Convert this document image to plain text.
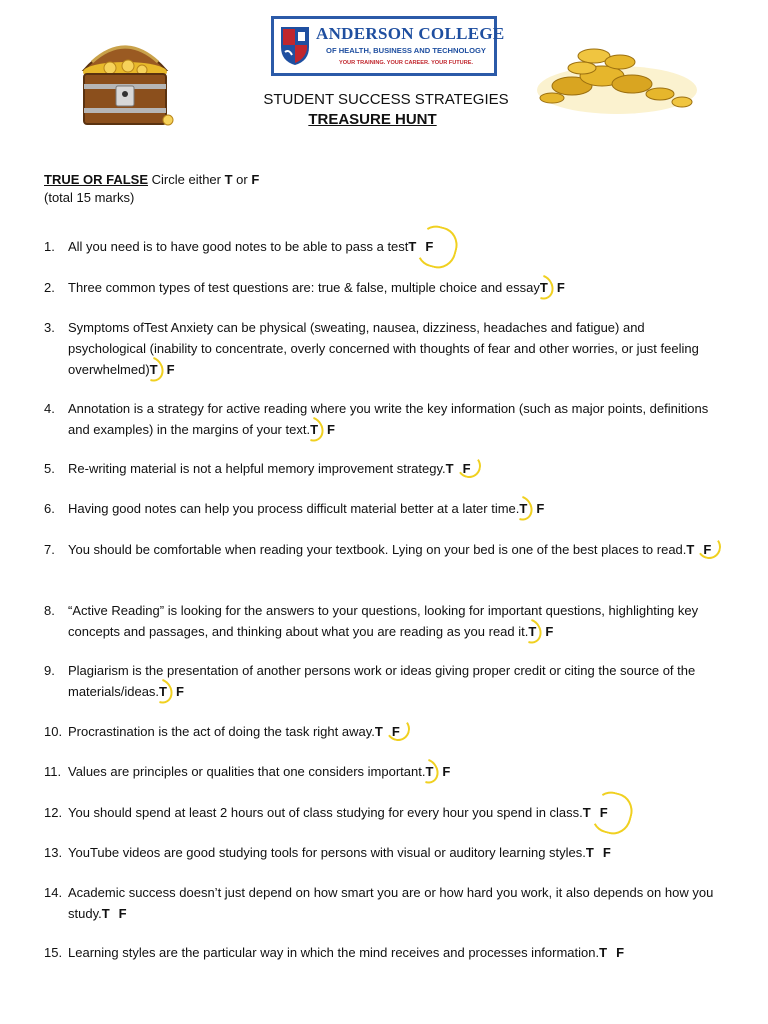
ANDERSON COLLEGE
OF HEALTH, BUSINESS AND TECHNOLOGY
YOUR TRAINING. YOUR CAREER. YOUR FUTURE.
STUDENT SUCCESS STRATEGIES
TREASURE HUNT
TRUE OR FALSE Circle either T or F
(total 15 marks)
1. All you need is to have good notes to be able to pass a testT F
2. Three common types of test questions are: true & false, multiple choice and essayT F
3. Symptoms ofTest Anxiety can be physical (sweating, nausea, dizziness, headaches and fatigue) and psychological (inability to concentrate, overly concerned with thoughts of fear and other worries, or just feeling overwhelmed)T F
4. Annotation is a strategy for active reading where you write the key information (such as major points, definitions and examples) in the margins of your text.T F
5. Re-writing material is not a helpful memory improvement strategy.T F
6. Having good notes can help you process difficult material better at a later time.T F
7. You should be comfortable when reading your textbook. Lying on your bed is one of the best places to read.T F
8. “Active Reading” is looking for the answers to your questions, looking for important questions, highlighting key concepts and passages, and thinking about what you are reading as you read it.T F
9. Plagiarism is the presentation of another persons work or ideas giving proper credit or citing the source of the materials/ideas.T F
10. Procrastination is the act of doing the task right away.T F
11. Values are principles or qualities that one considers important.T F
12. You should spend at least 2 hours out of class studying for every hour you spend in class.T F
13. YouTube videos are good studying tools for persons with visual or auditory learning styles.T F
14. Academic success doesn’t just depend on how smart you are or how hard you work, it also depends on how you study.T F
15. Learning styles are the particular way in which the mind receives and processes information.T F
